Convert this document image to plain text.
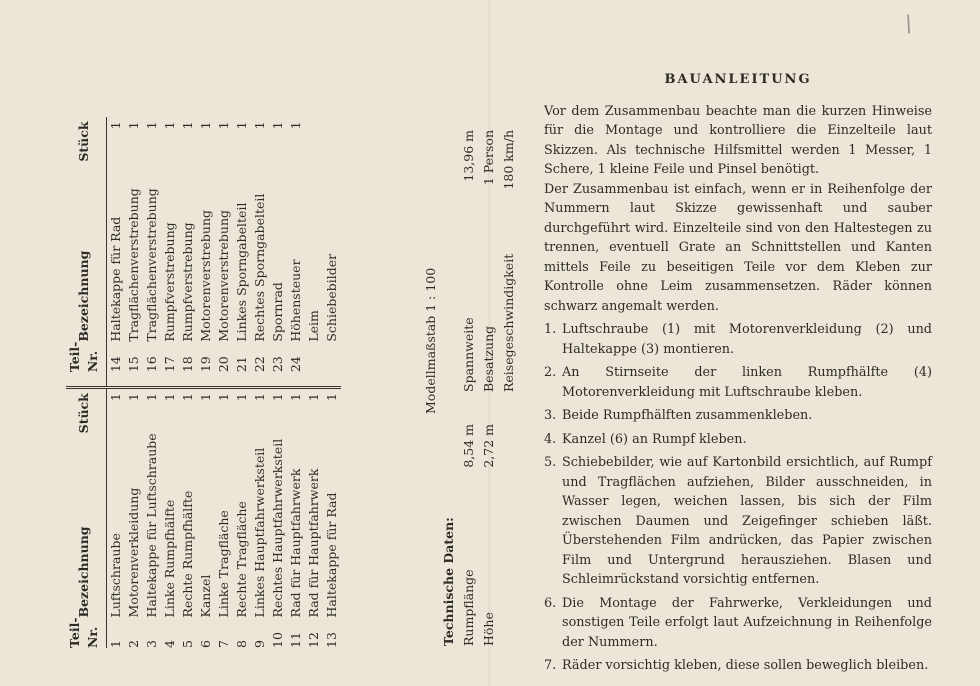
/
Teil-Nr.	Bezeichnung	Stück		Teil-Nr.	Bezeichnung	Stück
1	Luftschraube	1		14	Haltekappe für Rad	1
2	Motorenverkleidung	1		15	Tragflächenverstrebung	1
3	Haltekappe für Luftschraube	1		16	Tragflächenverstrebung	1
4	Linke Rumpfhälfte	1		17	Rumpfverstrebung	1
5	Rechte Rumpfhälfte	1		18	Rumpfverstrebung	1
6	Kanzel	1		19	Motorenverstrebung	1
7	Linke Tragfläche	1		20	Motorenverstrebung	1
8	Rechte Tragfläche	1		21	Linkes Sporngabelteil	1
9	Linkes Hauptfahrwerksteil	1		22	Rechtes Sporngabelteil	1
10	Rechtes Hauptfahrwerksteil	1		23	Spornrad	1
11	Rad für Hauptfahrwerk	1		24	Höhensteuer	1
12	Rad für Hauptfahrwerk	1			Leim	
13	Haltekappe für Rad	1			Schiebebilder		Modellmaßstab 1 : 100
Technische Daten:			
Rumpflänge	8,54 m	Spannweite	13,96 m
Höhe	2,72 m	Besatzung	1 Person
		Reisegeschwindigkeit	180 km/h
BAUANLEITUNG

Vor dem Zusammenbau beachte man die kurzen Hinweise für die Montage und kontrolliere die Einzelteile laut Skizzen. Als technische Hilfsmittel werden 1 Messer, 1 Schere, 1 kleine Feile und Pinsel benötigt.

Der Zusammenbau ist einfach, wenn er in Reihenfolge der Nummern laut Skizze gewissenhaft und sauber durchgeführt wird. Einzelteile sind von den Haltestegen zu trennen, eventuell Grate an Schnittstellen und Kanten mittels Feile zu beseitigen Teile vor dem Kleben zur Kontrolle ohne Leim zusammensetzen. Räder können schwarz angemalt werden.

1. Luftschraube (1) mit Motorenverkleidung (2) und Haltekappe (3) montieren.
2. An Stirnseite der linken Rumpfhälfte (4) Motorenverkleidung mit Luftschraube kleben.
3. Beide Rumpfhälften zusammenkleben.
4. Kanzel (6) an Rumpf kleben.
5. Schiebebilder, wie auf Kartonbild ersichtlich, auf Rumpf und Tragflächen aufziehen, Bilder ausschneiden, in Wasser legen, weichen lassen, bis sich der Film zwischen Daumen und Zeigefinger schieben läßt. Überstehenden Film andrücken, das Papier zwischen Film und Untergrund herausziehen. Blasen und Schleimrückstand vorsichtig entfernen.
6. Die Montage der Fahrwerke, Verkleidungen und sonstigen Teile erfolgt laut Aufzeichnung in Reihenfolge der Nummern.
7. Räder vorsichtig kleben, diese sollen beweglich bleiben.
